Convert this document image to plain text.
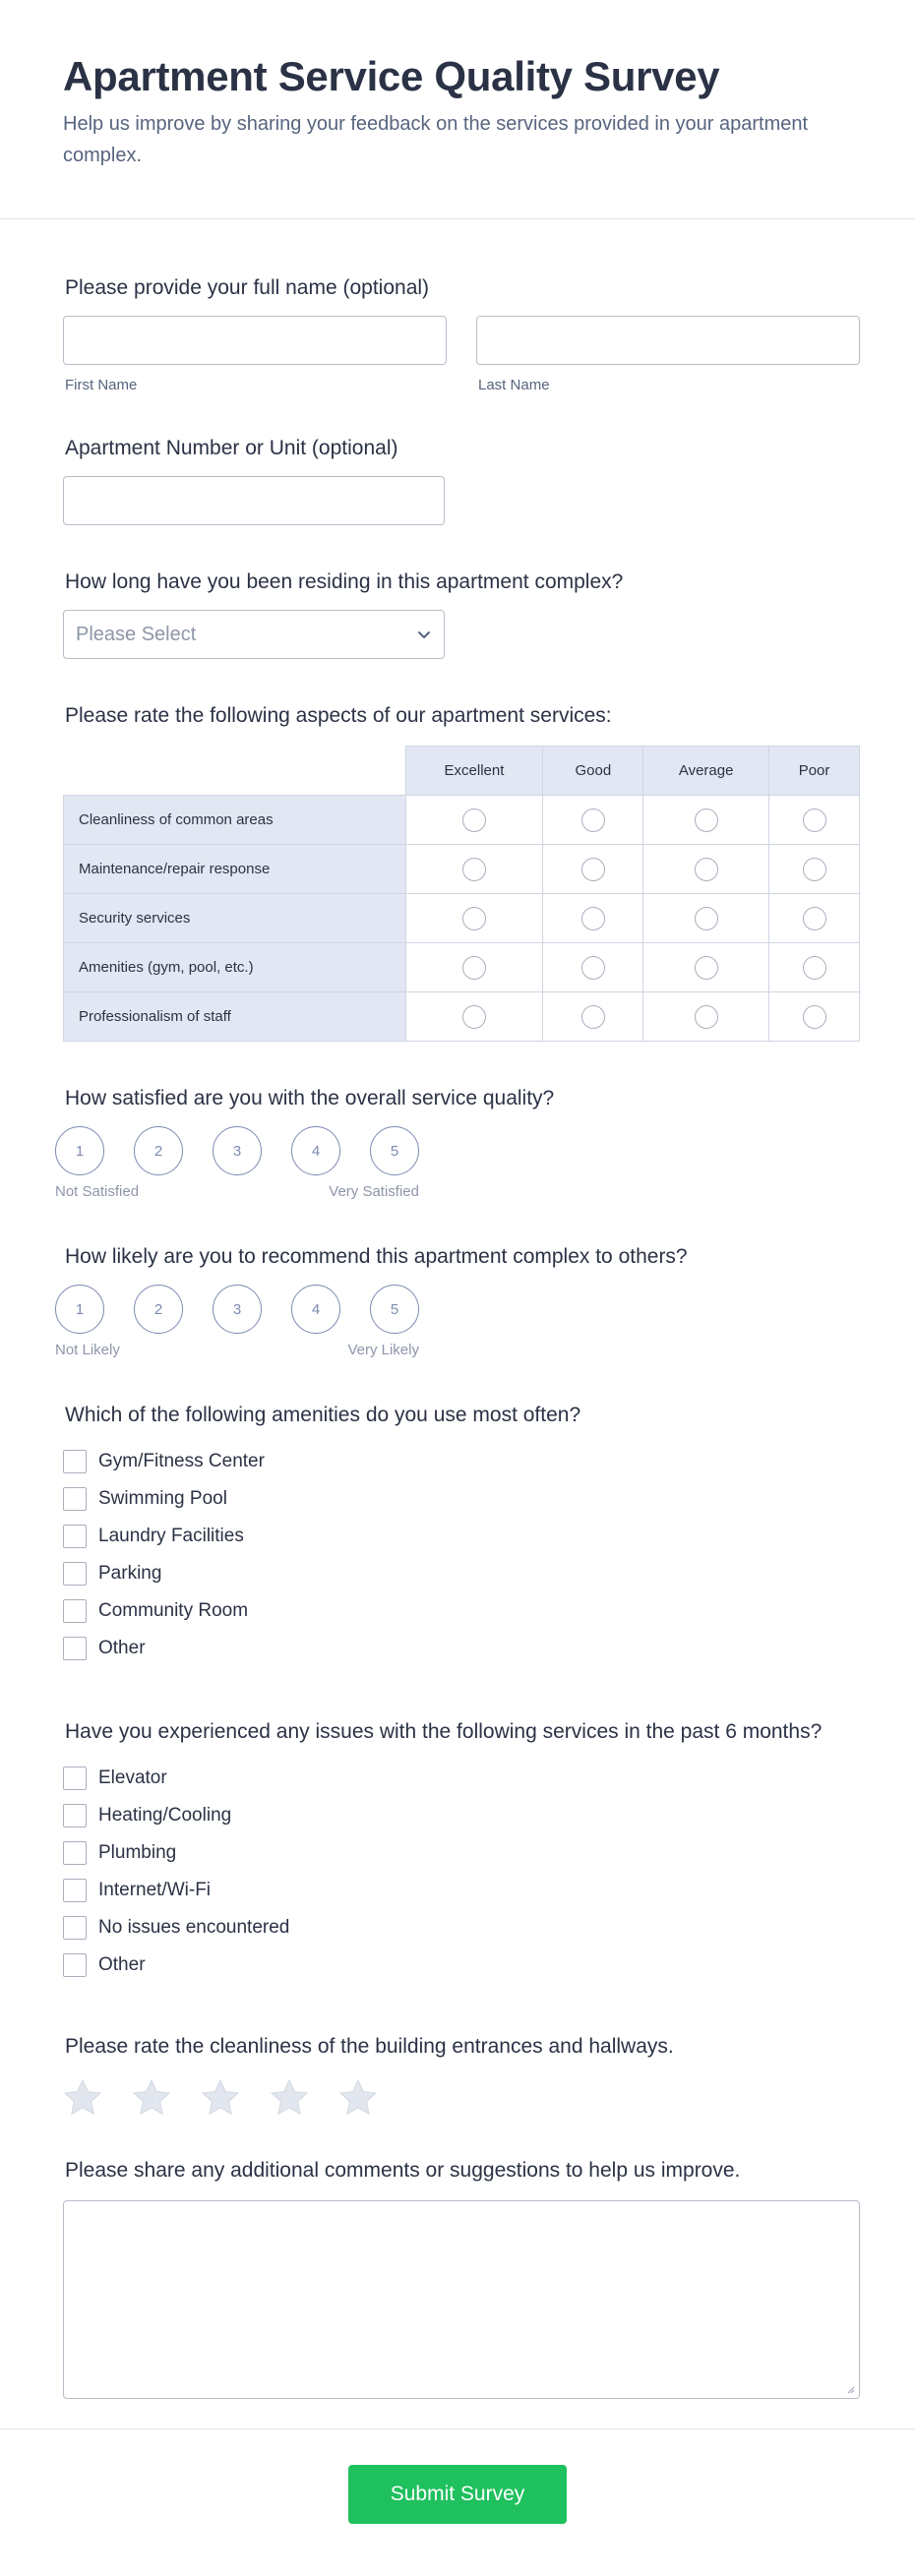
Apartment Service Quality Survey

Help us improve by sharing your feedback on the services provided in your apartment complex.

Please provide your full name (optional)
First Name	Last Name
Apartment Number or Unit (optional)
How long have you been residing in this apartment complex?
Please Select
Please rate the following aspects of our apartment services:
	Excellent	Good	Average	Poor
Cleanliness of common areas				
Maintenance/repair response				
Security services				
Amenities (gym, pool, etc.)				
Professionalism of staff				
How satisfied are you with the overall service quality?
1	2	3	4	5
Not Satisfied	Very Satisfied
How likely are you to recommend this apartment complex to others?
1	2	3	4	5
Not Likely	Very Likely
Which of the following amenities do you use most often?
Gym/Fitness Center
Swimming Pool
Laundry Facilities
Parking
Community Room
Other
Have you experienced any issues with the following services in the past 6 months?
Elevator
Heating/Cooling
Plumbing
Internet/Wi-Fi
No issues encountered
Other
Please rate the cleanliness of the building entrances and hallways.
Please share any additional comments or suggestions to help us improve.
Submit Survey
